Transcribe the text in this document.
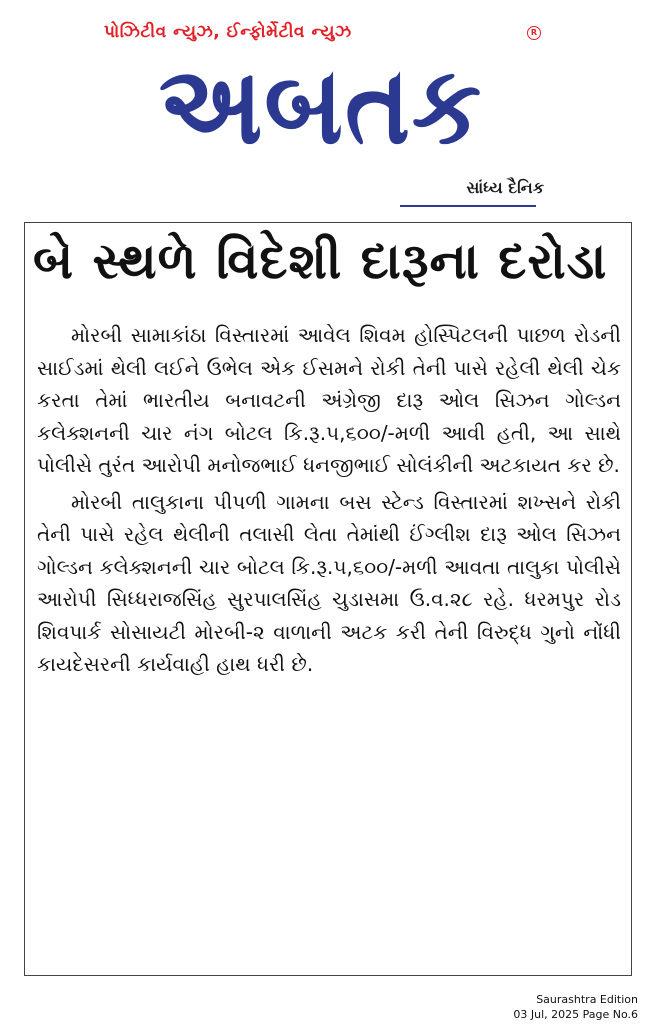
પોઝિટીવ ન્યુઝ, ઈન્ફોર્મેટીવ ન્યુઝ	R
અબતક
સાંધ્ય દૈનિક
બે સ્થળે વિદેશી દારૂના દરોડા

મોરબી સામાકાંઠા વિસ્તારમાં આવેલ શિવમ હોસ્પિટલની પાછળ રોડની સાઈડમાં થેલી લઈને ઉભેલ એક ઈસમને રોકી તેની પાસે રહેલી થેલી ચેક કરતા તેમાં ભારતીય બનાવટની અંગ્રેજી દારૂ ઓલ સિઝન ગોલ્ડન કલેક્શનની ચાર નંગ બોટલ કિ.રૂ.૫,૬૦૦/-મળી આવી હતી, આ સાથે પોલીસે તુરંત આરોપી મનોજભાઈ ધનજીભાઈ સોલંકીની અટકાયત કર છે.

મોરબી તાલુકાના પીપળી ગામના બસ સ્ટેન્ડ વિસ્તારમાં શખ્સને રોકી તેની પાસે રહેલ થેલીની તલાસી લેતા તેમાંથી ઈંગ્લીશ દારૂ ઓલ સિઝન ગોલ્ડન કલેક્શનની ચાર બોટલ કિ.રૂ.૫,૬૦૦/-મળી આવતા તાલુકા પોલીસે આરોપી સિધ્ધરાજસિંહ સુરપાલસિંહ ચુડાસમા ઉ.વ.૨૮ રહે. ધરમપુર રોડ શિવપાર્ક સોસાયટી મોરબી-૨ વાળાની અટક કરી તેની વિરુદ્ધ ગુનો નોંધી કાયદેસરની કાર્યવાહી હાથ ધરી છે.

Saurashtra Edition
03 Jul, 2025 Page No.6
